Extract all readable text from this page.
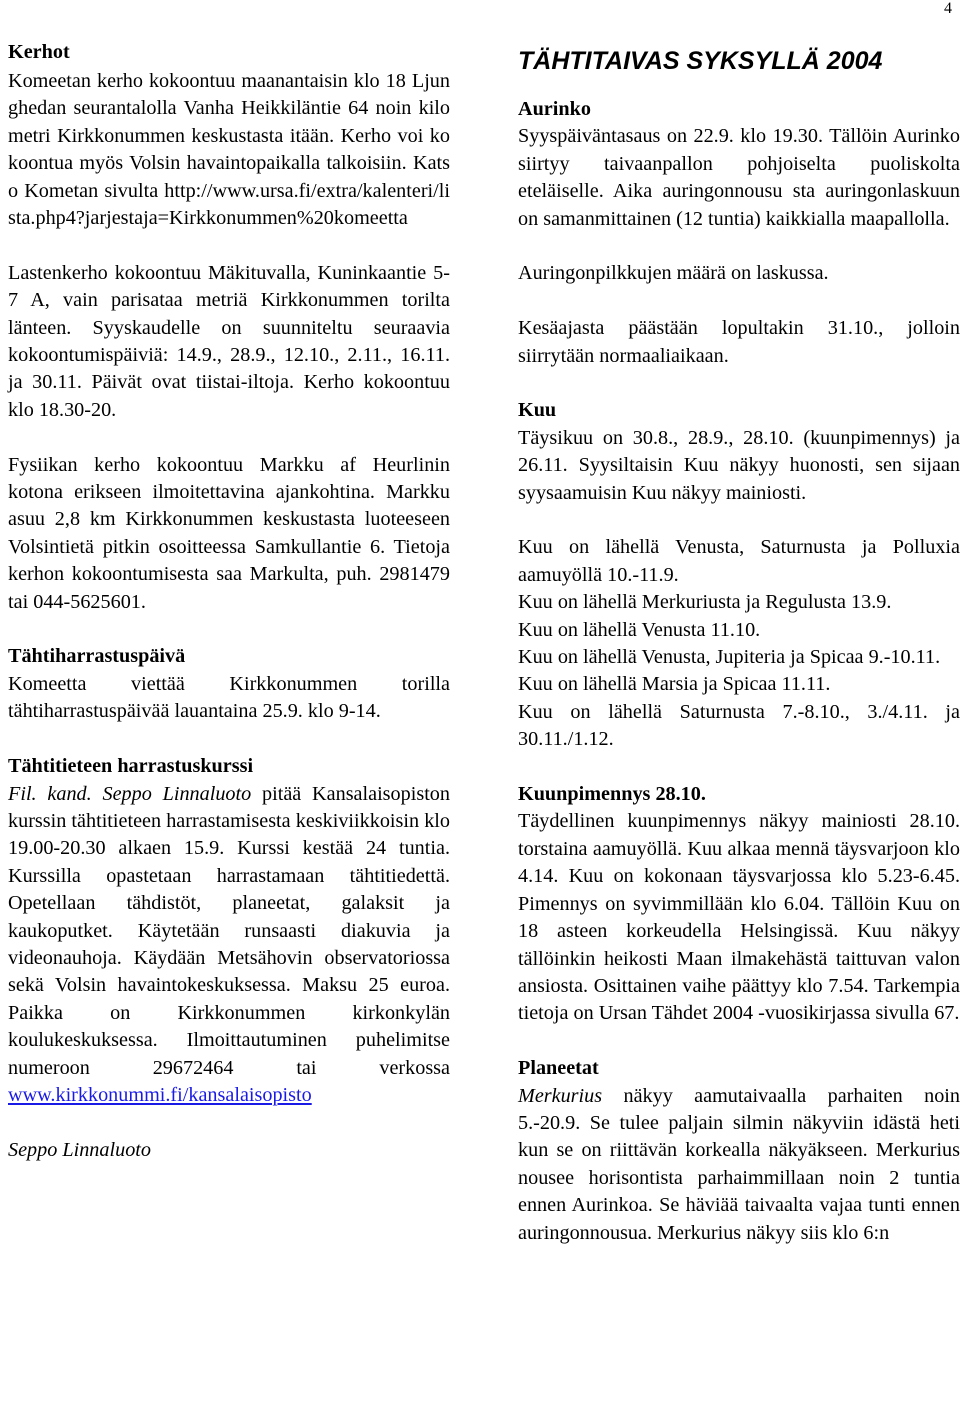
4

Kerhot

Komeetan kerho kokoontuu maanantaisin klo 18 Ljunghedan seurantalolla Vanha Heikkiläntie 64 noin kilometri Kirkkonummen keskustasta itään. Kerho voi kokoontua myös Volsin havaintopaikalla talkoisiin. Katso Kometan sivulta http://www.ursa.fi/extra/kalenteri/lista.php4?jarjestaja=Kirkkonummen%20komeetta

Lastenkerho kokoontuu Mäkituvalla, Kuninkaantie 5-7 A, vain parisataa metriä Kirkkonummen torilta länteen. Syyskaudelle on suunniteltu seuraavia kokoontumispäiviä: 14.9., 28.9., 12.10., 2.11., 16.11. ja 30.11. Päivät ovat tiistai-iltoja. Kerho kokoontuu klo 18.30-20.

Fysiikan kerho kokoontuu Markku af Heurlinin kotona erikseen ilmoitettavina ajankohtina. Markku asuu 2,8 km Kirkkonummen keskustasta luoteeseen Volsintietä pitkin osoitteessa Samkullantie 6. Tietoja kerhon kokoontumisesta saa Markulta, puh. 2981479 tai 044-5625601.

Tähtiharrastuspäivä

Komeetta viettää Kirkkonummen torilla tähtiharrastuspäivää lauantaina 25.9. klo 9-14.

Tähtitieteen harrastuskurssi

Fil. kand. Seppo Linnaluoto pitää Kansalaisopiston kurssin tähtitieteen harrastamisesta keskiviikkoisin klo 19.00-20.30 alkaen 15.9. Kurssi kestää 24 tuntia. Kurssilla opastetaan harrastamaan tähtitiedettä. Opetellaan tähdistöt, planeetat, galaksit ja kaukoputket. Käytetään runsaasti diakuvia ja videonauhoja. Käydään Metsähovin observatoriossa sekä Volsin havaintokeskuksessa. Maksu 25 euroa. Paikka on Kirkkonummen kirkonkylän koulukeskuksessa. Ilmoittautuminen puhelimitse numeroon 29672464 tai verkossa www.kirkkonummi.fi/kansalaisopisto

Seppo Linnaluoto

TÄHTITAIVAS SYKSYLLÄ 2004

Aurinko

Syyspäiväntasaus on 22.9. klo 19.30. Tällöin Aurinko siirtyy taivaanpallon pohjoiselta puoliskolta eteläiselle. Aika auringonnousu sta auringonlaskuun on samanmittainen (12 tuntia) kaikkialla maapallolla.

Auringonpilkkujen määrä on laskussa.

Kesäajasta päästään lopultakin 31.10., jolloin siirrytään normaaliaikaan.

Kuu

Täysikuu on 30.8., 28.9., 28.10. (kuunpimennys) ja 26.11. Syysiltaisin Kuu näkyy huonosti, sen sijaan syysaamuisin Kuu näkyy mainiosti.

Kuu on lähellä Venusta, Saturnusta ja Polluxia aamuyöllä 10.-11.9.

Kuu on lähellä Merkuriusta ja Regulusta 13.9.

Kuu on lähellä Venusta 11.10.

Kuu on lähellä Venusta, Jupiteria ja Spicaa 9.-10.11.

Kuu on lähellä Marsia ja Spicaa 11.11.

Kuu on lähellä Saturnusta 7.-8.10., 3./4.11. ja 30.11./1.12.

Kuunpimennys 28.10.

Täydellinen kuunpimennys näkyy mainiosti 28.10. torstaina aamuyöllä. Kuu alkaa mennä täysvarjoon klo 4.14. Kuu on kokonaan täysvarjossa klo 5.23-6.45. Pimennys on syvimmillään klo 6.04. Tällöin Kuu on 18 asteen korkeudella Helsingissä. Kuu näkyy tällöinkin heikosti Maan ilmakehästä taittuvan valon ansiosta. Osittainen vaihe päättyy klo 7.54. Tarkempia tietoja on Ursan Tähdet 2004 -vuosikirjassa sivulla 67.

Planeetat

Merkurius näkyy aamutaivaalla parhaiten noin 5.-20.9. Se tulee paljain silmin näkyviin idästä heti kun se on riittävän korkealla näkyäkseen. Merkurius nousee horisontista parhaimmillaan noin 2 tuntia ennen Aurinkoa. Se häviää taivaalta vajaa tunti ennen auringonnousua. Merkurius näkyy siis klo 6:n
